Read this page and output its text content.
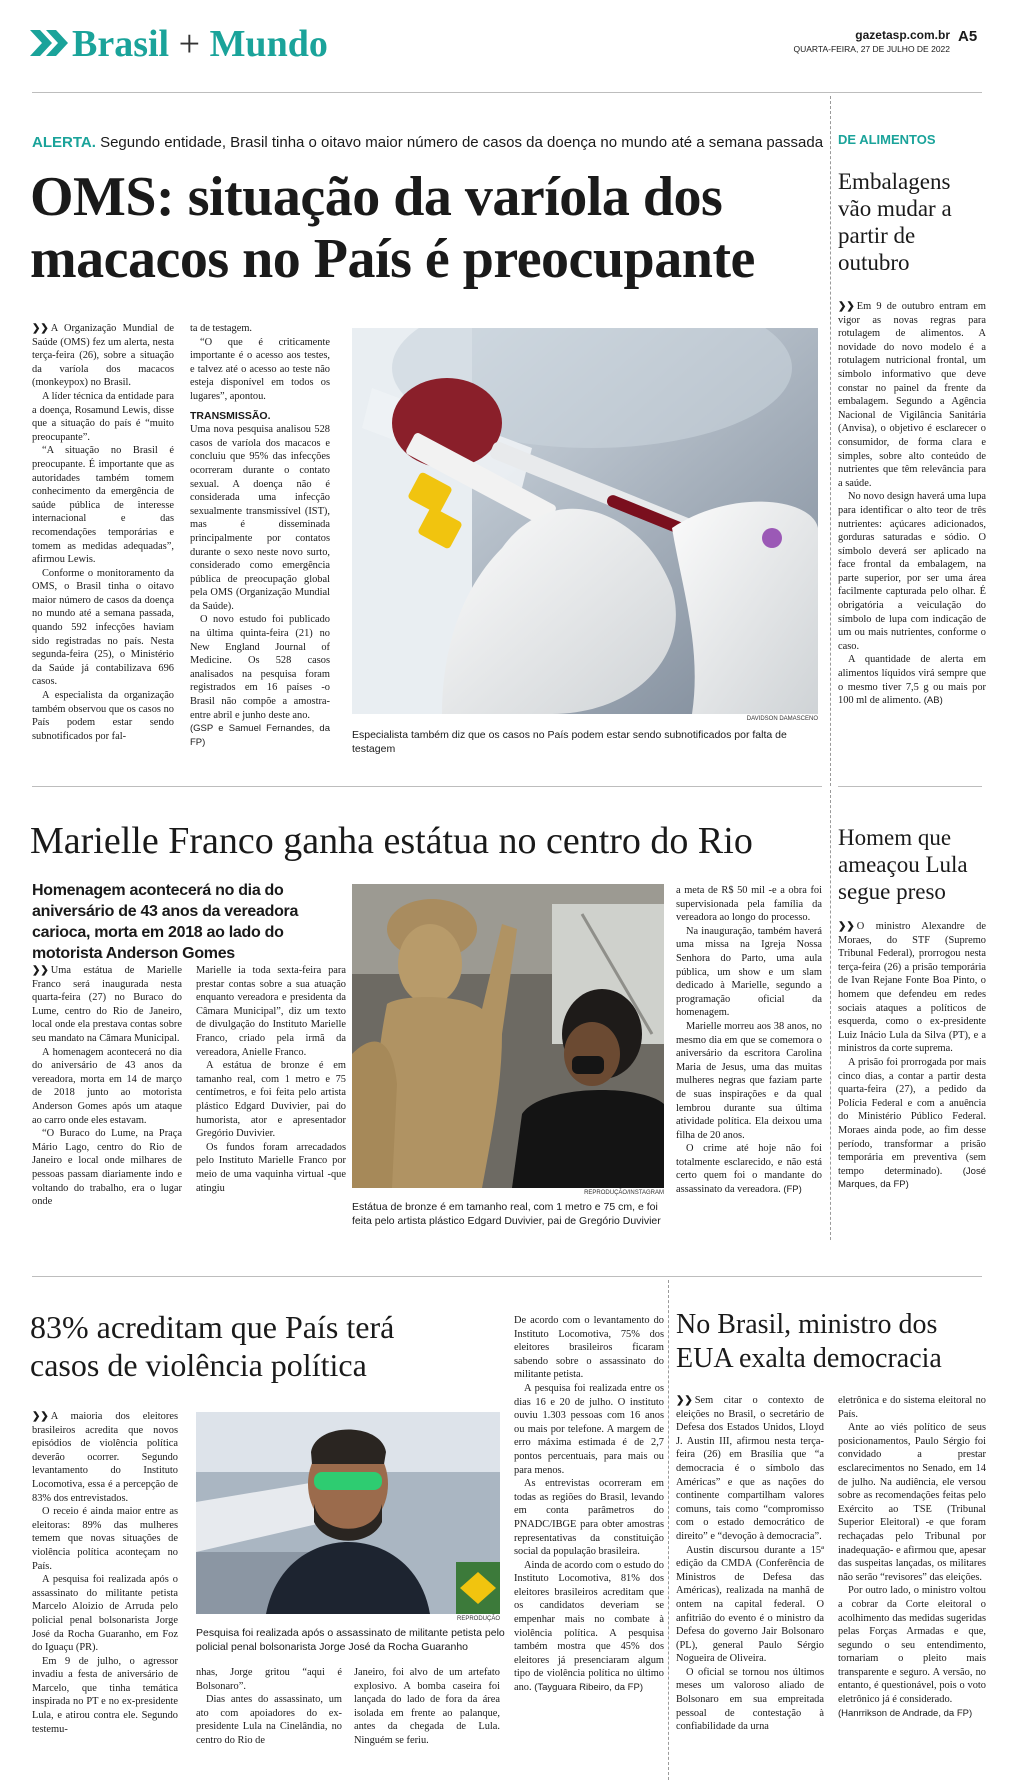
Brasil + Mundo	gazetasp.com.br
QUARTA-FEIRA, 27 DE JULHO DE 2022
A5
ALERTA. Segundo entidade, Brasil tinha o oitavo maior número de casos da doença no mundo até a semana passada
OMS: situação da varíola dos
macacos no País é preocupante

❯❯ A Organização Mundial de Saúde (OMS) fez um alerta, nesta terça-feira (26), sobre a situação da varíola dos macacos (monkeypox) no Brasil.

A líder técnica da entidade para a doença, Rosamund Lewis, disse que a situação do país é “muito preocupante”.

“A situação no Brasil é preocupante. É importante que as autoridades também tomem conhecimento da emergência de saúde pública de interesse internacional e das recomendações temporárias e tomem as medidas adequadas”, afirmou Lewis.

Conforme o monitoramento da OMS, o Brasil tinha o oitavo maior número de casos da doença no mundo até a semana passada, quando 592 infecções haviam sido registradas no país. Nesta segunda-feira (25), o Ministério da Saúde já contabilizava 696 casos.

A especialista da organização também observou que os casos no País podem estar sendo subnotificados por fal-

ta de testagem.

“O que é criticamente importante é o acesso aos testes, e talvez até o acesso ao teste não esteja disponível em todos os lugares”, apontou.

TRANSMISSÃO.

Uma nova pesquisa analisou 528 casos de varíola dos macacos e concluiu que 95% das infecções ocorreram durante o contato sexual. A doença não é considerada uma infecção sexualmente transmissível (IST), mas é disseminada principalmente por contatos durante o sexo neste novo surto, considerado como emergência pública de preocupação global pela OMS (Organização Mundial da Saúde).

O novo estudo foi publicado na última quinta-feira (21) no New England Journal of Medicine. Os 528 casos analisados na pesquisa foram registrados em 16 países -o Brasil não compõe a amostra- entre abril e junho deste ano.

(GSP e Samuel Fernandes, da FP)

DAVIDSON DAMASCENO
Especialista também diz que os casos no País podem estar sendo subnotificados por falta de testagem
DE ALIMENTOS
Embalagens vão mudar a partir de outubro

❯❯ Em 9 de outubro entram em vigor as novas regras para rotulagem de alimentos. A novidade do novo modelo é a rotulagem nutricional frontal, um símbolo informativo que deve constar no painel da frente da embalagem. Segundo a Agência Nacional de Vigilância Sanitária (Anvisa), o objetivo é esclarecer o consumidor, de forma clara e simples, sobre alto conteúdo de nutrientes que têm relevância para a saúde.

No novo design haverá uma lupa para identificar o alto teor de três nutrientes: açúcares adicionados, gorduras saturadas e sódio. O símbolo deverá ser aplicado na face frontal da embalagem, na parte superior, por ser uma área facilmente capturada pelo olhar. É obrigatória a veiculação do símbolo de lupa com indicação de um ou mais nutrientes, conforme o caso.

A quantidade de alerta em alimentos líquidos virá sempre que o mesmo tiver 7,5 g ou mais por 100 ml de alimento. (AB)

Marielle Franco ganha estátua no centro do Rio
Homenagem acontecerá no dia do aniversário de 43 anos da vereadora carioca, morta em 2018 ao lado do motorista Anderson Gomes

❯❯ Uma estátua de Marielle Franco será inaugurada nesta quarta-feira (27) no Buraco do Lume, centro do Rio de Janeiro, local onde ela prestava contas sobre seu mandato na Câmara Municipal.

A homenagem acontecerá no dia do aniversário de 43 anos da vereadora, morta em 14 de março de 2018 junto ao motorista Anderson Gomes após um ataque ao carro onde eles estavam.

“O Buraco do Lume, na Praça Mário Lago, centro do Rio de Janeiro e local onde milhares de pessoas passam diariamente indo e voltando do trabalho, era o lugar onde

Marielle ia toda sexta-feira para prestar contas sobre a sua atuação enquanto vereadora e presidenta da Câmara Municipal”, diz um texto de divulgação do Instituto Marielle Franco, criado pela irmã da vereadora, Anielle Franco.

A estátua de bronze é em tamanho real, com 1 metro e 75 centímetros, e foi feita pelo artista plástico Edgard Duvivier, pai do humorista, ator e apresentador Gregório Duvivier.

Os fundos foram arrecadados pelo Instituto Marielle Franco por meio de uma vaquinha virtual -que atingiu	REPRODUÇÃO/INSTAGRAM
Estátua de bronze é em tamanho real, com 1 metro e 75 cm, e foi feita pelo artista plástico Edgard Duvivier, pai de Gregório Duvivier

a meta de R$ 50 mil -e a obra foi supervisionada pela família da vereadora ao longo do processo.

Na inauguração, também haverá uma missa na Igreja Nossa Senhora do Parto, uma aula pública, um show e um slam dedicado à Marielle, segundo a programação oficial da homenagem.

Marielle morreu aos 38 anos, no mesmo dia em que se comemora o aniversário da escritora Carolina Maria de Jesus, uma das muitas mulheres negras que faziam parte de suas inspirações e da qual lembrou durante sua última atividade política. Ela deixou uma filha de 20 anos.

O crime até hoje não foi totalmente esclarecido, e não está certo quem foi o mandante do assassinato da vereadora. (FP)

Homem que ameaçou Lula segue preso

❯❯ O ministro Alexandre de Moraes, do STF (Supremo Tribunal Federal), prorrogou nesta terça-feira (26) a prisão temporária de Ivan Rejane Fonte Boa Pinto, o homem que defendeu em redes sociais ataques a políticos de esquerda, como o ex-presidente Luiz Inácio Lula da Silva (PT), e a ministros da corte suprema.

A prisão foi prorrogada por mais cinco dias, a contar a partir desta quarta-feira (27), a pedido da Polícia Federal e com a anuência do Ministério Público Federal. Moraes ainda pode, ao fim desse período, transformar a prisão temporária em preventiva (sem tempo determinado). (José Marques, da FP)

83% acreditam que País terá
casos de violência política

❯❯ A maioria dos eleitores brasileiros acredita que novos episódios de violência política deverão ocorrer. Segundo levantamento do Instituto Locomotiva, essa é a percepção de 83% dos entrevistados.

O receio é ainda maior entre as eleitoras: 89% das mulheres temem que novas situações de violência política aconteçam no País.

A pesquisa foi realizada após o assassinato do militante petista Marcelo Aloizio de Arruda pelo policial penal bolsonarista Jorge José da Rocha Guaranho, em Foz do Iguaçu (PR).

Em 9 de julho, o agressor invadiu a festa de aniversário de Marcelo, que tinha temática inspirada no PT e no ex-presidente Lula, e atirou contra ele. Segundo testemu-

REPRODUÇÃO
Pesquisa foi realizada após o assassinato de militante petista pelo policial penal bolsonarista Jorge José da Rocha Guaranho

nhas, Jorge gritou “aqui é Bolsonaro”.

Dias antes do assassinato, um ato com apoiadores do ex-presidente Lula na Cinelândia, no centro do Rio de

Janeiro, foi alvo de um artefato explosivo. A bomba caseira foi lançada do lado de fora da área isolada em frente ao palanque, antes da chegada de Lula. Ninguém se feriu.

De acordo com o levantamento do Instituto Locomotiva, 75% dos eleitores brasileiros ficaram sabendo sobre o assassinato do militante petista.

A pesquisa foi realizada entre os dias 16 e 20 de julho. O instituto ouviu 1.303 pessoas com 16 anos ou mais por telefone. A margem de erro máxima estimada é de 2,7 pontos percentuais, para mais ou para menos.

As entrevistas ocorreram em todas as regiões do Brasil, levando em conta parâmetros do PNADC/IBGE para obter amostras representativas da constituição social da população brasileira.

Ainda de acordo com o estudo do Instituto Locomotiva, 81% dos eleitores brasileiros acreditam que os candidatos deveriam se empenhar mais no combate à violência política. A pesquisa também mostra que 45% dos eleitores já presenciaram algum tipo de violência política no último ano. (Tayguara Ribeiro, da FP)

No Brasil, ministro dos
EUA exalta democracia

❯❯ Sem citar o contexto de eleições no Brasil, o secretário de Defesa dos Estados Unidos, Lloyd J. Austin III, afirmou nesta terça-feira (26) em Brasília que “a democracia é o símbolo das Américas” e que as nações do continente compartilham valores comuns, tais como “compromisso com o estado democrático de direito” e “devoção à democracia”.

Austin discursou durante a 15ª edição da CMDA (Conferência de Ministros de Defesa das Américas), realizada na manhã de ontem na capital federal. O anfitrião do evento é o ministro da Defesa do governo Jair Bolsonaro (PL), general Paulo Sérgio Nogueira de Oliveira.

O oficial se tornou nos últimos meses um valoroso aliado de Bolsonaro em sua empreitada pessoal de contestação à confiabilidade da urna

eletrônica e do sistema eleitoral no País.

Ante ao viés político de seus posicionamentos, Paulo Sérgio foi convidado a prestar esclarecimentos no Senado, em 14 de julho. Na audiência, ele versou sobre as recomendações feitas pelo Exército ao TSE (Tribunal Superior Eleitoral) -e que foram rechaçadas pelo Tribunal por inadequação- e afirmou que, apesar das suspeitas lançadas, os militares não serão “revisores” das eleições.

Por outro lado, o ministro voltou a cobrar da Corte eleitoral o acolhimento das medidas sugeridas pelas Forças Armadas e que, segundo o seu entendimento, tornariam o pleito mais transparente e seguro. A versão, no entanto, é questionável, pois o voto eletrônico já é considerado.

(Hanrrikson de Andrade, da FP)
